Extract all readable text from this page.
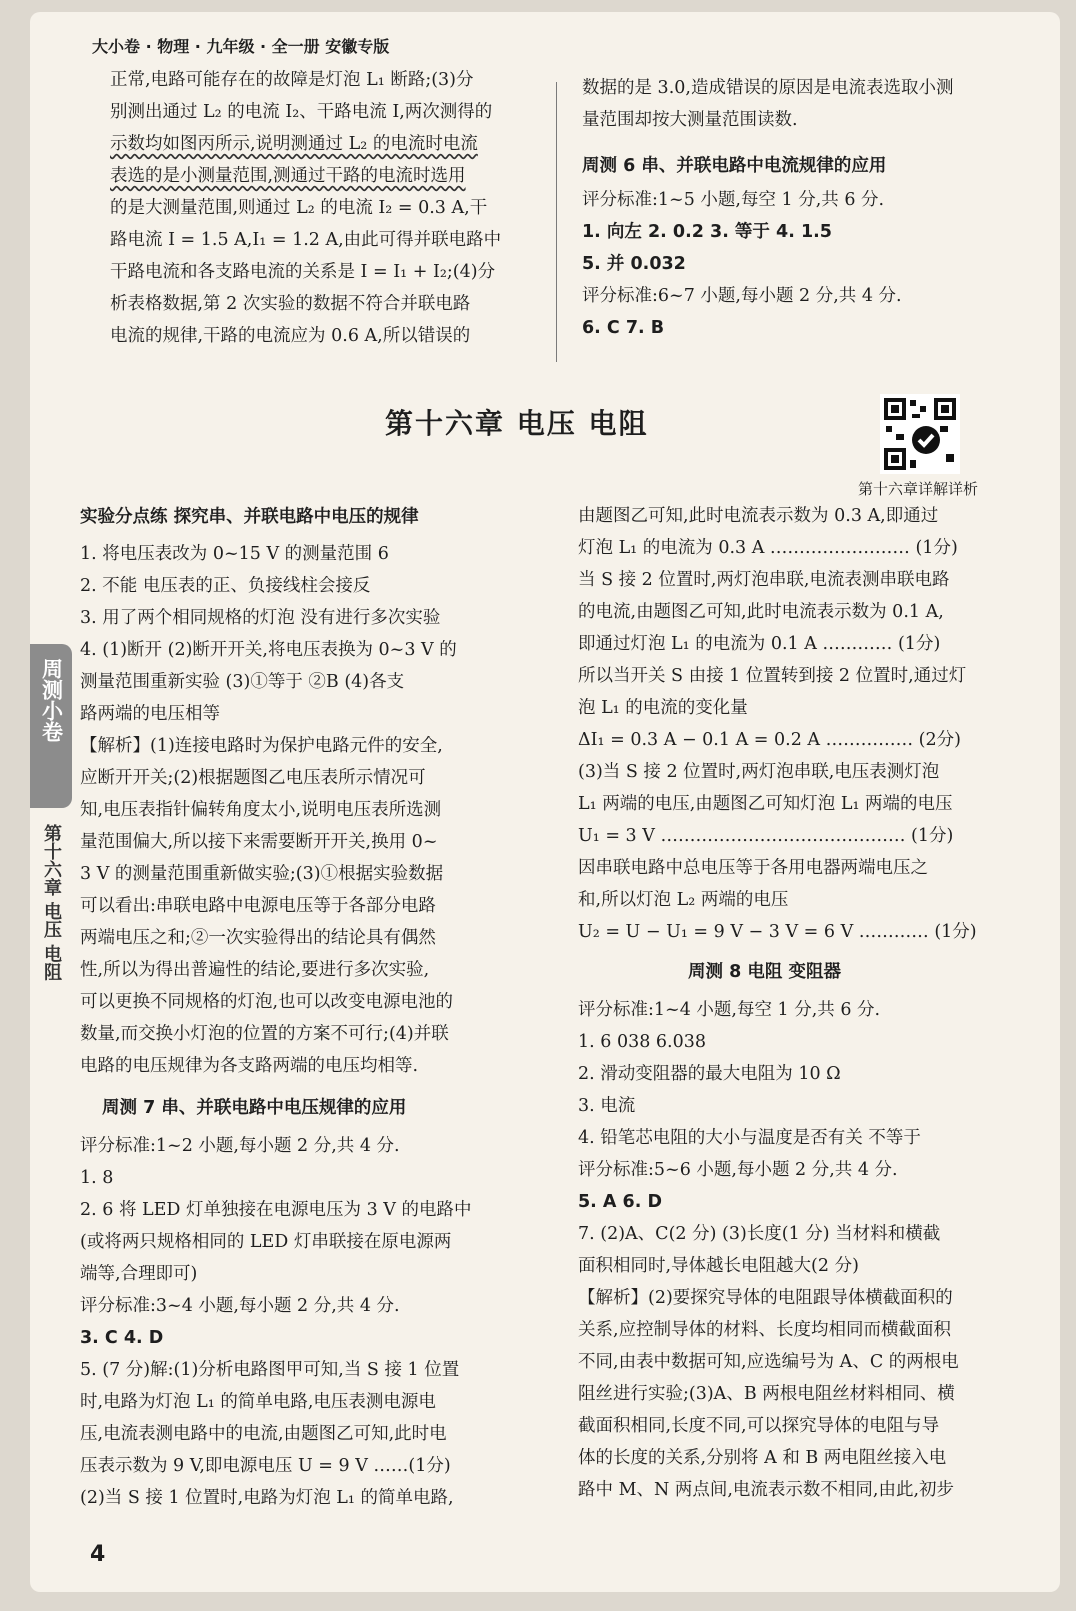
大小卷 · 物理 · 九年级 · 全一册 安徽专版

正常,电路可能存在的故障是灯泡 L₁ 断路;(3)分

别测出通过 L₂ 的电流 I₂、干路电流 I,两次测得的

示数均如图丙所示,说明测通过 L₂ 的电流时电流

表选的是小测量范围,测通过干路的电流时选用

的是大测量范围,则通过 L₂ 的电流 I₂ = 0.3 A,干

路电流 I = 1.5 A,I₁ = 1.2 A,由此可得并联电路中

干路电流和各支路电流的关系是 I = I₁ + I₂;(4)分

析表格数据,第 2 次实验的数据不符合并联电路

电流的规律,干路的电流应为 0.6 A,所以错误的

数据的是 3.0,造成错误的原因是电流表选取小测

量范围却按大测量范围读数.

周测 6 串、并联电路中电流规律的应用

评分标准:1~5 小题,每空 1 分,共 6 分.

1. 向左 2. 0.2 3. 等于 4. 1.5

5. 并 0.032

评分标准:6~7 小题,每小题 2 分,共 4 分.

6. C 7. B

第十六章 电压 电阻
第十六章详解详析
周测小卷
第十六章 电压 电阻

实验分点练 探究串、并联电路中电压的规律

1. 将电压表改为 0~15 V 的测量范围 6

2. 不能 电压表的正、负接线柱会接反

3. 用了两个相同规格的灯泡 没有进行多次实验

4. (1)断开 (2)断开开关,将电压表换为 0~3 V 的

测量范围重新实验 (3)①等于 ②B (4)各支

路两端的电压相等

【解析】(1)连接电路时为保护电路元件的安全,

应断开开关;(2)根据题图乙电压表所示情况可

知,电压表指针偏转角度太小,说明电压表所选测

量范围偏大,所以接下来需要断开开关,换用 0~

3 V 的测量范围重新做实验;(3)①根据实验数据

可以看出:串联电路中电源电压等于各部分电路

两端电压之和;②一次实验得出的结论具有偶然

性,所以为得出普遍性的结论,要进行多次实验,

可以更换不同规格的灯泡,也可以改变电源电池的

数量,而交换小灯泡的位置的方案不可行;(4)并联

电路的电压规律为各支路两端的电压均相等.

周测 7 串、并联电路中电压规律的应用

评分标准:1~2 小题,每小题 2 分,共 4 分.

1. 8

2. 6 将 LED 灯单独接在电源电压为 3 V 的电路中

(或将两只规格相同的 LED 灯串联接在原电源两

端等,合理即可)

评分标准:3~4 小题,每小题 2 分,共 4 分.

3. C 4. D

5. (7 分)解:(1)分析电路图甲可知,当 S 接 1 位置

时,电路为灯泡 L₁ 的简单电路,电压表测电源电

压,电流表测电路中的电流,由题图乙可知,此时电

压表示数为 9 V,即电源电压 U = 9 V ……(1分)

(2)当 S 接 1 位置时,电路为灯泡 L₁ 的简单电路,

由题图乙可知,此时电流表示数为 0.3 A,即通过

灯泡 L₁ 的电流为 0.3 A …………………… (1分)

当 S 接 2 位置时,两灯泡串联,电流表测串联电路

的电流,由题图乙可知,此时电流表示数为 0.1 A,

即通过灯泡 L₁ 的电流为 0.1 A ………… (1分)

所以当开关 S 由接 1 位置转到接 2 位置时,通过灯

泡 L₁ 的电流的变化量

ΔI₁ = 0.3 A − 0.1 A = 0.2 A …………… (2分)

(3)当 S 接 2 位置时,两灯泡串联,电压表测灯泡

L₁ 两端的电压,由题图乙可知灯泡 L₁ 两端的电压

U₁ = 3 V …………………………………… (1分)

因串联电路中总电压等于各用电器两端电压之

和,所以灯泡 L₂ 两端的电压

U₂ = U − U₁ = 9 V − 3 V = 6 V ………… (1分)

周测 8 电阻 变阻器

评分标准:1~4 小题,每空 1 分,共 6 分.

1. 6 038 6.038

2. 滑动变阻器的最大电阻为 10 Ω

3. 电流

4. 铅笔芯电阻的大小与温度是否有关 不等于

评分标准:5~6 小题,每小题 2 分,共 4 分.

5. A 6. D

7. (2)A、C(2 分) (3)长度(1 分) 当材料和横截

面积相同时,导体越长电阻越大(2 分)

【解析】(2)要探究导体的电阻跟导体横截面积的

关系,应控制导体的材料、长度均相同而横截面积

不同,由表中数据可知,应选编号为 A、C 的两根电

阻丝进行实验;(3)A、B 两根电阻丝材料相同、横

截面积相同,长度不同,可以探究导体的电阻与导

体的长度的关系,分别将 A 和 B 两电阻丝接入电

路中 M、N 两点间,电流表示数不相同,由此,初步

4
